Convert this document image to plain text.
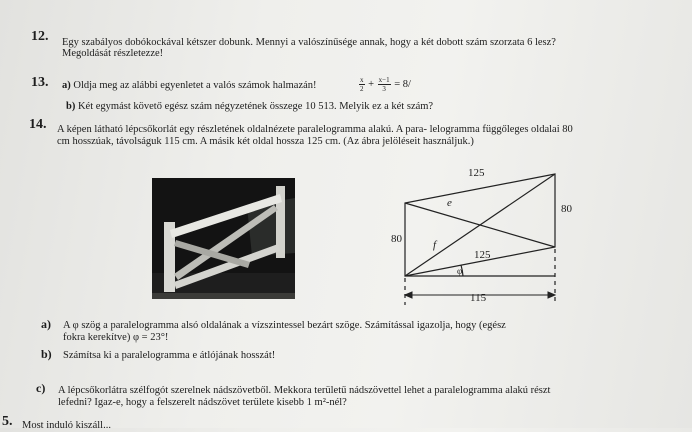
12. Egy szabályos dobókockával kétszer dobunk. Mennyi a valószínűsége annak, hogy a két dobott szám szorzata 6 lesz?
Megoldását részletezze!
13. a) Oldja meg az alábbi egyenletet a valós számok halmazán!	$\frac{x}{2} + \frac{x-1}{3} = 8/$
b) Két egymást követő egész szám négyzetének összege 10 513. Melyik ez a két szám?
14. A képen látható lépcsőkorlát egy részletének oldalnézete paralelogramma alakú. A para- lelogramma függőleges oldalai 80
cm hosszúak, távolságuk 115 cm. A másik két oldal hossza 125 cm. (Az ábra jelöléseit használjuk.)
125
80
80
e
f
125
φ
115
a) A φ szög a paralelogramma alsó oldalának a vízszintessel bezárt szöge. Számítással igazolja, hogy (egész
fokra kerekítve) φ = 23°!
b) Számítsa ki a paralelogramma e átlójának hosszát!
c) A lépcsőkorlátra szélfogót szerelnek nádszövetből. Mekkora területű nádszövettel lehet a paralelogramma alakú részt
lefedni? Igaz-e, hogy a felszerelt nádszövet területe kisebb 1 m²-nél?
5. Most induló kiszáll...
